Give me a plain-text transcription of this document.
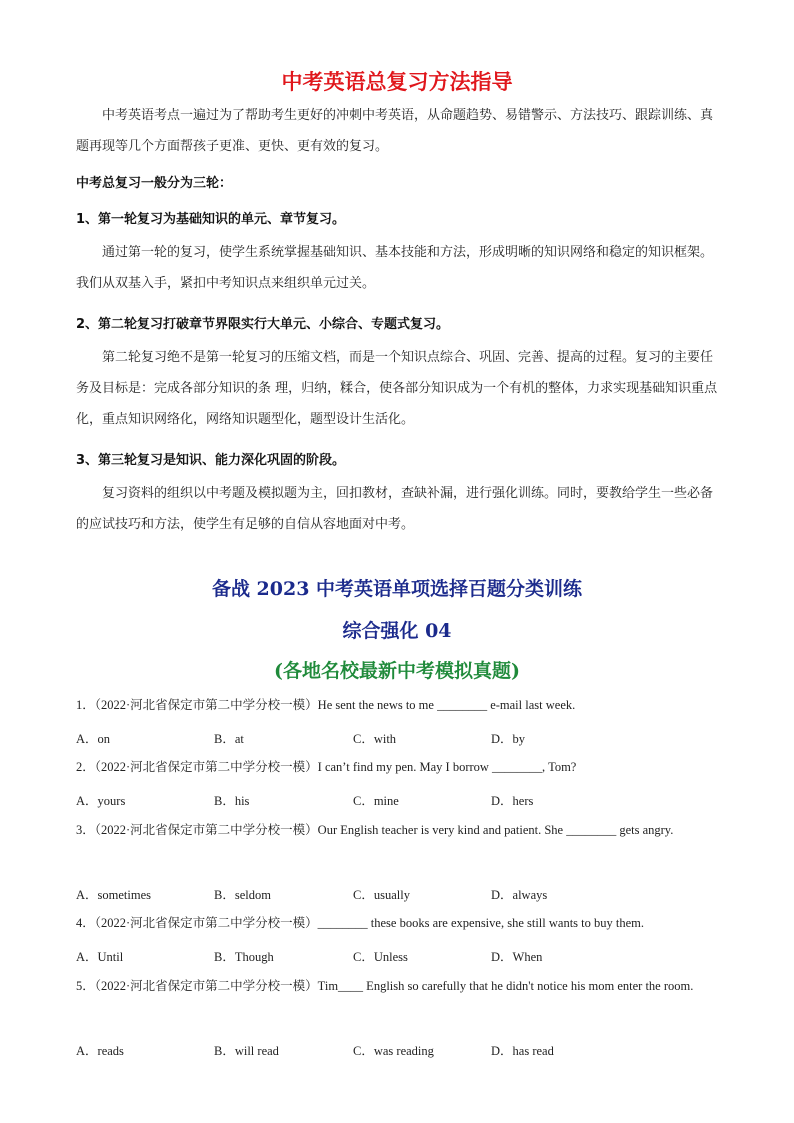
中考英语总复习方法指导
中考英语考点一遍过为了帮助考生更好的冲刺中考英语，从命题趋势、易错警示、方法技巧、跟踪训练、真题再现等几个方面帮孩子更准、更快、更有效的复习。
中考总复习一般分为三轮：
1、第一轮复习为基础知识的单元、章节复习。
通过第一轮的复习，使学生系统掌握基础知识、基本技能和方法，形成明晰的知识网络和稳定的知识框架。我们从双基入手，紧扣中考知识点来组织单元过关。
2、第二轮复习打破章节界限实行大单元、小综合、专题式复习。
第二轮复习绝不是第一轮复习的压缩文档，而是一个知识点综合、巩固、完善、提高的过程。复习的主要任务及目标是：完成各部分知识的条 理，归纳，糅合，使各部分知识成为一个有机的整体，力求实现基础知识重点化，重点知识网络化，网络知识题型化，题型设计生活化。
3、第三轮复习是知识、能力深化巩固的阶段。
复习资料的组织以中考题及模拟题为主，回扣教材，查缺补漏，进行强化训练。同时，要教给学生一些必备的应试技巧和方法，使学生有足够的自信从容地面对中考。
备战 2023 中考英语单项选择百题分类训练
综合强化 04
(各地名校最新中考模拟真题)
1．（2022·河北省保定市第二中学分校一模）He sent the news to me ________ e-mail last week.
A．on	B．at	C．with	D．by
2．（2022·河北省保定市第二中学分校一模）I can’t find my pen. May I borrow ________, Tom?
A．yours	B．his	C．mine	D．hers
3．（2022·河北省保定市第二中学分校一模）Our English teacher is very kind and patient. She ________ gets angry.
A．sometimes	B．seldom	C．usually	D．always
4．（2022·河北省保定市第二中学分校一模）________ these books are expensive, she still wants to buy them.
A．Until	B．Though	C．Unless	D．When
5．（2022·河北省保定市第二中学分校一模）Tim____ English so carefully that he didn't notice his mom enter the room.
A．reads	B．will read	C．was reading	D．has read
